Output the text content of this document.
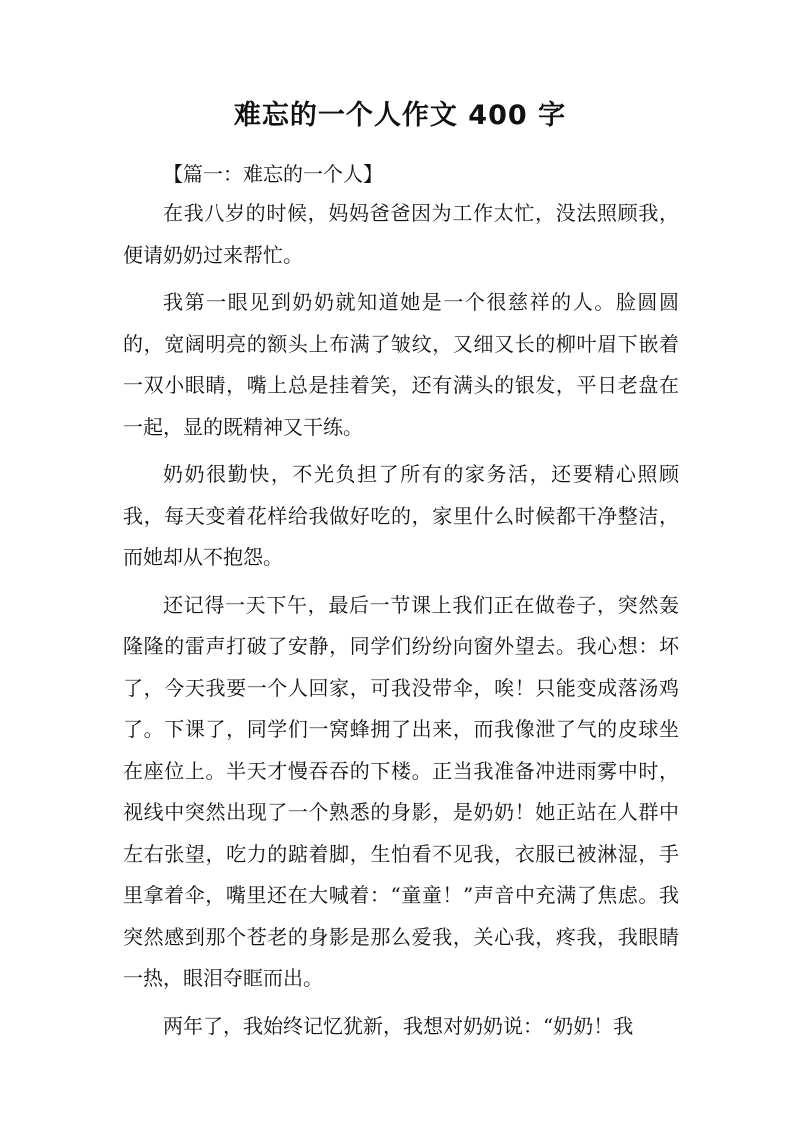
难忘的一个人作文 400 字

【篇一：难忘的一个人】

在我八岁的时候，妈妈爸爸因为工作太忙，没法照顾我，便请奶奶过来帮忙。

我第一眼见到奶奶就知道她是一个很慈祥的人。脸圆圆的，宽阔明亮的额头上布满了皱纹，又细又长的柳叶眉下嵌着一双小眼睛，嘴上总是挂着笑，还有满头的银发，平日老盘在一起，显的既精神又干练。

奶奶很勤快，不光负担了所有的家务活，还要精心照顾我，每天变着花样给我做好吃的，家里什么时候都干净整洁，而她却从不抱怨。

还记得一天下午，最后一节课上我们正在做卷子，突然轰隆隆的雷声打破了安静，同学们纷纷向窗外望去。我心想：坏了，今天我要一个人回家，可我没带伞，唉！只能变成落汤鸡了。下课了，同学们一窝蜂拥了出来，而我像泄了气的皮球坐在座位上。半天才慢吞吞的下楼。正当我准备冲进雨雾中时，视线中突然出现了一个熟悉的身影，是奶奶！她正站在人群中左右张望，吃力的踮着脚，生怕看不见我，衣服已被淋湿，手里拿着伞，嘴里还在大喊着：“童童！”声音中充满了焦虑。我突然感到那个苍老的身影是那么爱我，关心我，疼我，我眼睛一热，眼泪夺眶而出。

两年了，我始终记忆犹新，我想对奶奶说：“奶奶！我
